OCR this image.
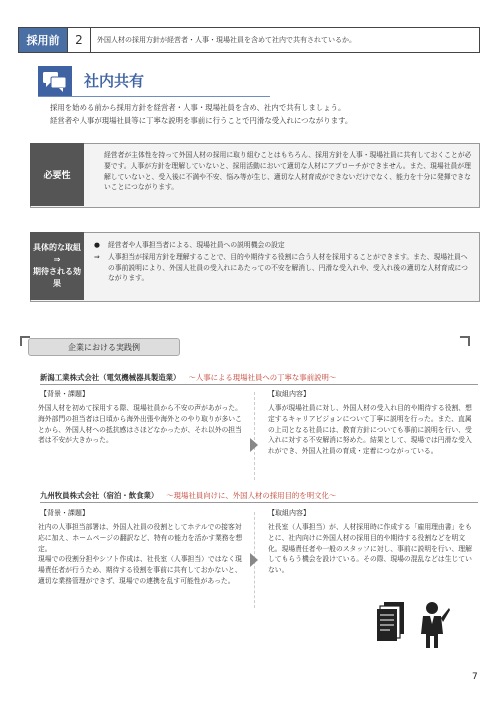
採用前	2	外国人材の採用方針が経営者・人事・現場社員を含めて社内で共有されているか。
社内共有
採用を始める前から採用方針を経営者・人事・現場社員を含め、社内で共有しましょう。
経営者や人事が現場社員等に丁寧な説明を事前に行うことで円滑な受入れにつながります。
必要性
経営者が主体性を持って外国人材の採用に取り組むことはもちろん、採用方針を人事・現場社員に共有しておくことが必要です。人事が方針を理解していないと、採用活動において適切な人材にアプローチができません。また、現場社員が理解していないと、受入後に不満や不安、悩み等が生じ、適切な人材育成ができないだけでなく、能力を十分に発揮できないことにつながります。
具体的な取組
⇒
期待される効果
●	経営者や人事担当者による、現場社員への説明機会の設定
⇒	人事担当が採用方針を理解することで、目的や期待する役割に合う人材を採用することができます。また、現場社員への事前説明により、外国人社員の受入れにあたっての不安を解消し、円滑な受入れや、受入れ後の適切な人材育成につながります。
企業における実践例
新潟工業株式会社（電気機械器具製造業） ～人事による現場社員への丁寧な事前説明～
【背景・課題】
外国人材を初めて採用する際、現場社員から不安の声があがった。
海外部門の担当者は日頃から海外出張や海外とのやり取りが多いことから、外国人材への抵抗感はさほどなかったが、それ以外の担当者は不安が大きかった。
【取組内容】
人事が現場社員に対し、外国人材の受入れ目的や期待する役割、想定するキャリアビジョンについて丁寧に説明を行った。また、直属の上司となる社員には、教育方針についても事前に説明を行い、受入れに対する不安解消に努めた。結果として、現場では円滑な受入れができ、外国人社員の育成・定着につながっている。
九州牧員株式会社（宿泊・飲食業） ～現場社員向けに、外国人材の採用目的を明文化～
【背景・課題】
社内の人事担当部署は、外国人社員の役割としてホテルでの接客対応に加え、ホームページの翻訳など、特有の能力を活かす業務を想定。
現場での役割分担やシフト作成は、社長室（人事担当）ではなく現場責任者が行うため、期待する役割を事前に共有しておかないと、適切な業務管理ができず、現場での連携を乱す可能性があった。
【取組内容】
社長室（人事担当）が、人材採用時に作成する「雇用理由書」をもとに、社内向けに外国人材の採用目的や期待する役割などを明文化。現場責任者や一般のスタッフに対し、事前に説明を行い、理解してもらう機会を設けている。その際、現場の混乱などは生じていない。
7
